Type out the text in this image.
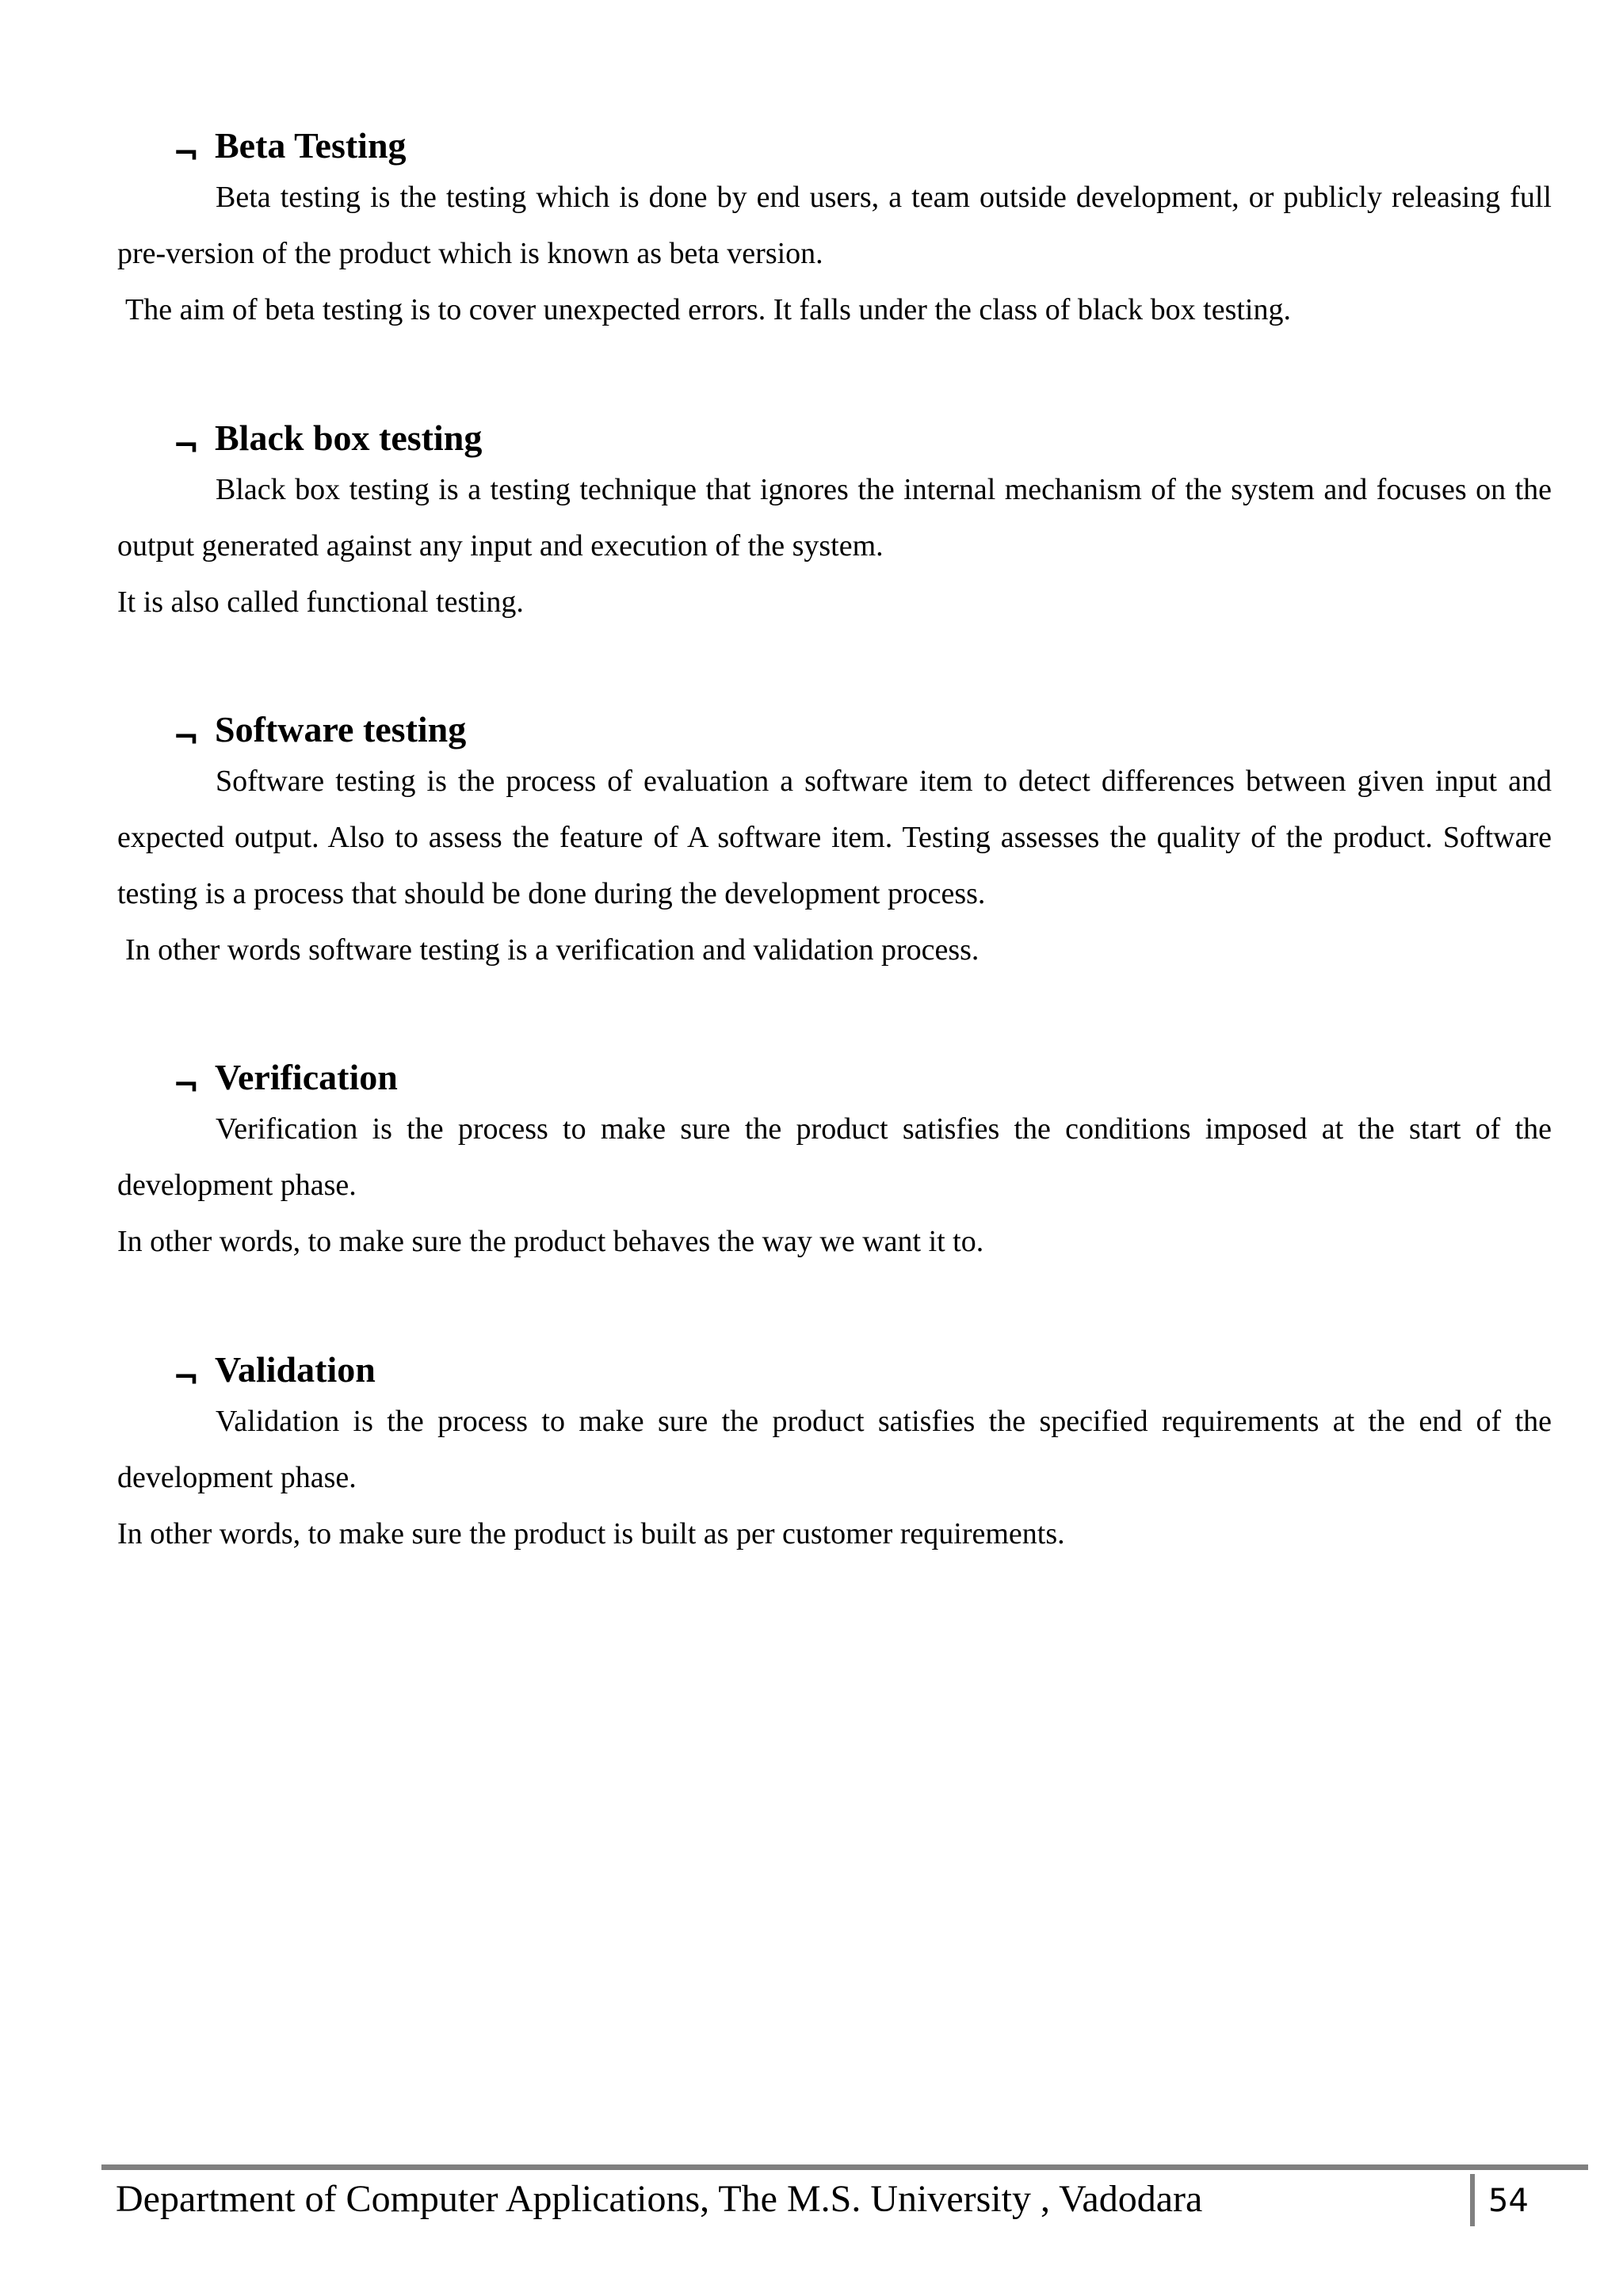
¬ Beta Testing

Beta testing is the testing which is done by end users, a team outside development, or publicly releasing full pre-version of the product which is known as beta version.

The aim of beta testing is to cover unexpected errors. It falls under the class of black box testing.

¬ Black box testing

Black box testing is a testing technique that ignores the internal mechanism of the system and focuses on the output generated against any input and execution of the system.

It is also called functional testing.

¬ Software testing

Software testing is the process of evaluation a software item to detect differences between given input and expected output. Also to assess the feature of A software item. Testing assesses the quality of the product. Software testing is a process that should be done during the development process.

In other words software testing is a verification and validation process.

¬ Verification

Verification is the process to make sure the product satisfies the conditions imposed at the start of the development phase.

In other words, to make sure the product behaves the way we want it to.

¬ Validation

Validation is the process to make sure the product satisfies the specified requirements at the end of the development phase.

In other words, to make sure the product is built as per customer requirements.

Department of Computer Applications, The M.S. University , Vadodara	54
